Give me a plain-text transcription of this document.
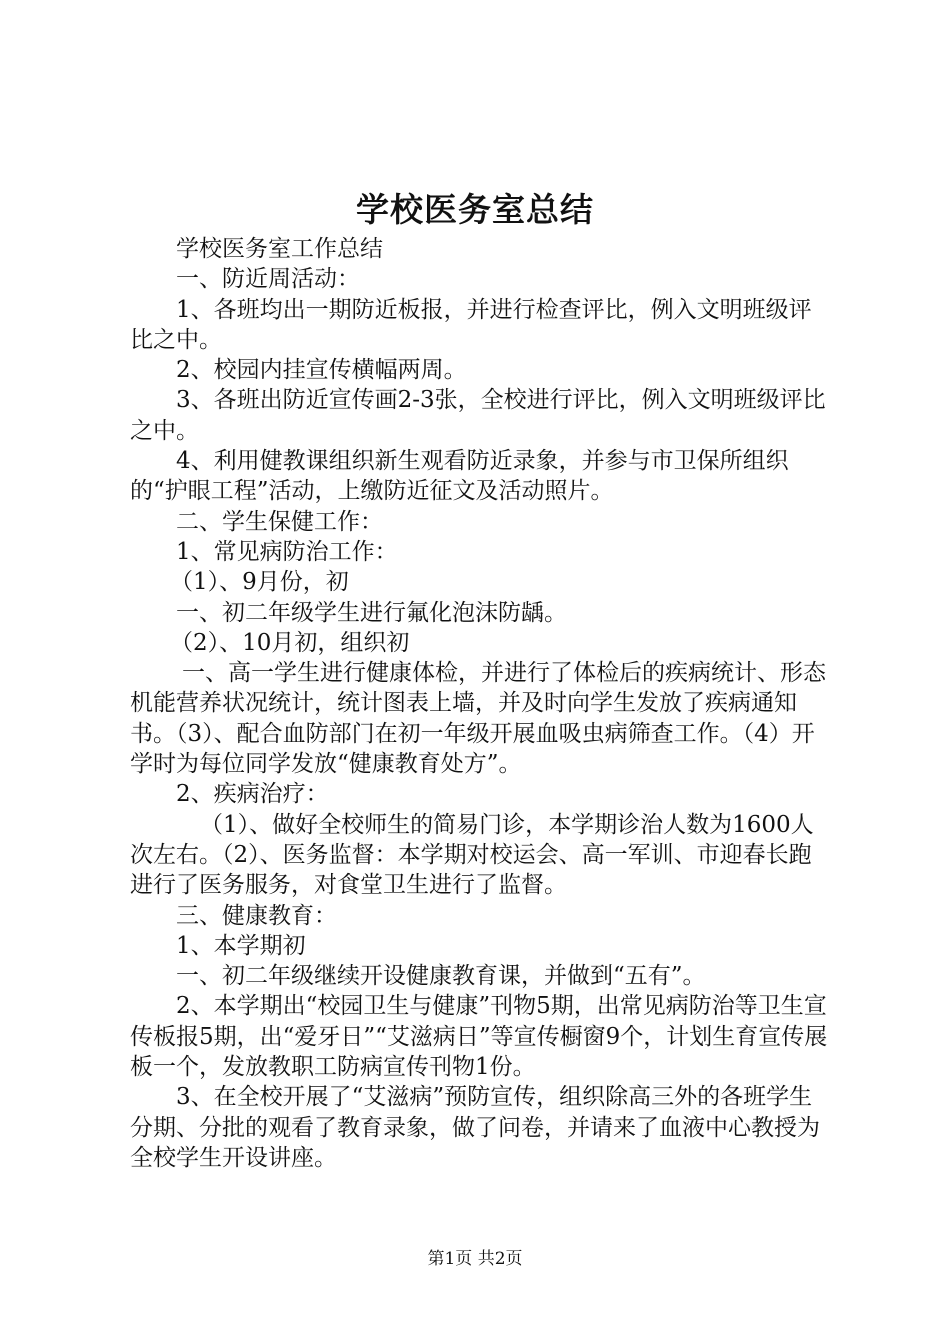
学校医务室总结

学校医务室工作总结

一、防近周活动：

1、各班均出一期防近板报，并进行检查评比，例入文明班级评比之中。

2、校园内挂宣传横幅两周。

3、各班出防近宣传画2-3张，全校进行评比，例入文明班级评比之中。

4、利用健教课组织新生观看防近录象，并参与市卫保所组织的“护眼工程”活动，上缴防近征文及活动照片。

二、学生保健工作：

1、常见病防治工作：

（1）、9月份，初

一、初二年级学生进行氟化泡沫防龋。

（2）、10月初，组织初

一、高一学生进行健康体检，并进行了体检后的疾病统计、形态机能营养状况统计，统计图表上墙，并及时向学生发放了疾病通知书。（3）、配合血防部门在初一年级开展血吸虫病筛查工作。（4）开学时为每位同学发放“健康教育处方”。

2、疾病治疗：

（1）、做好全校师生的简易门诊，本学期诊治人数为1600人次左右。（2）、医务监督：本学期对校运会、高一军训、市迎春长跑进行了医务服务，对食堂卫生进行了监督。

三、健康教育：

1、本学期初

一、初二年级继续开设健康教育课，并做到“五有”。

2、本学期出“校园卫生与健康”刊物5期，出常见病防治等卫生宣传板报5期，出“爱牙日”“艾滋病日”等宣传橱窗9个，计划生育宣传展板一个，发放教职工防病宣传刊物1份。

3、在全校开展了“艾滋病”预防宣传，组织除高三外的各班学生分期、分批的观看了教育录象，做了问卷，并请来了血液中心教授为全校学生开设讲座。

第1页 共2页
